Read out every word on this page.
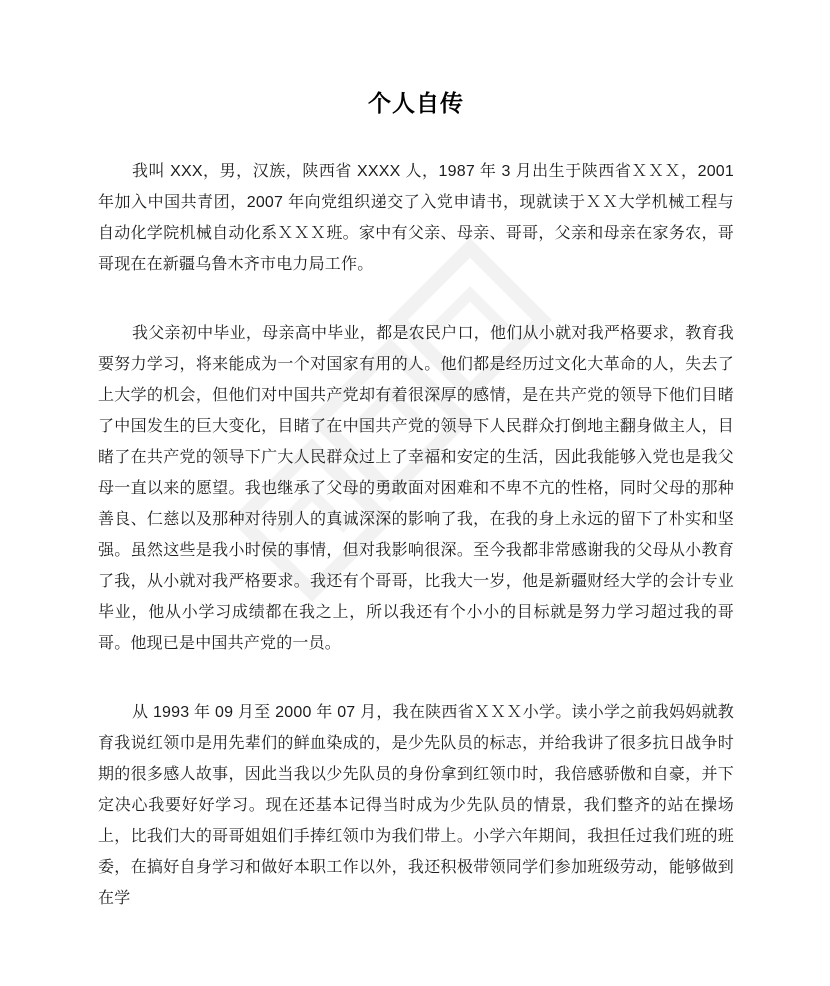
个人自传

我叫 XXX，男，汉族，陕西省 XXXX 人，1987 年 3 月出生于陕西省ＸＸＸ，2001 年加入中国共青团，2007 年向党组织递交了入党申请书，现就读于ＸＸ大学机械工程与自动化学院机械自动化系ＸＸＸ班。家中有父亲、母亲、哥哥，父亲和母亲在家务农，哥哥现在在新疆乌鲁木齐市电力局工作。

我父亲初中毕业，母亲高中毕业，都是农民户口，他们从小就对我严格要求，教育我要努力学习，将来能成为一个对国家有用的人。他们都是经历过文化大革命的人，失去了上大学的机会，但他们对中国共产党却有着很深厚的感情，是在共产党的领导下他们目睹了中国发生的巨大变化，目睹了在中国共产党的领导下人民群众打倒地主翻身做主人，目睹了在共产党的领导下广大人民群众过上了幸福和安定的生活，因此我能够入党也是我父母一直以来的愿望。我也继承了父母的勇敢面对困难和不卑不亢的性格，同时父母的那种善良、仁慈以及那种对待别人的真诚深深的影响了我，在我的身上永远的留下了朴实和坚强。虽然这些是我小时侯的事情，但对我影响很深。至今我都非常感谢我的父母从小教育了我，从小就对我严格要求。我还有个哥哥，比我大一岁，他是新疆财经大学的会计专业毕业，他从小学习成绩都在我之上，所以我还有个小小的目标就是努力学习超过我的哥哥。他现已是中国共产党的一员。

从 1993 年 09 月至 2000 年 07 月，我在陕西省ＸＸＸ小学。读小学之前我妈妈就教育我说红领巾是用先辈们的鲜血染成的，是少先队员的标志，并给我讲了很多抗日战争时期的很多感人故事，因此当我以少先队员的身份拿到红领巾时，我倍感骄傲和自豪，并下定决心我要好好学习。现在还基本记得当时成为少先队员的情景，我们整齐的站在操场上，比我们大的哥哥姐姐们手捧红领巾为我们带上。小学六年期间，我担任过我们班的班委，在搞好自身学习和做好本职工作以外，我还积极带领同学们参加班级劳动，能够做到在学
